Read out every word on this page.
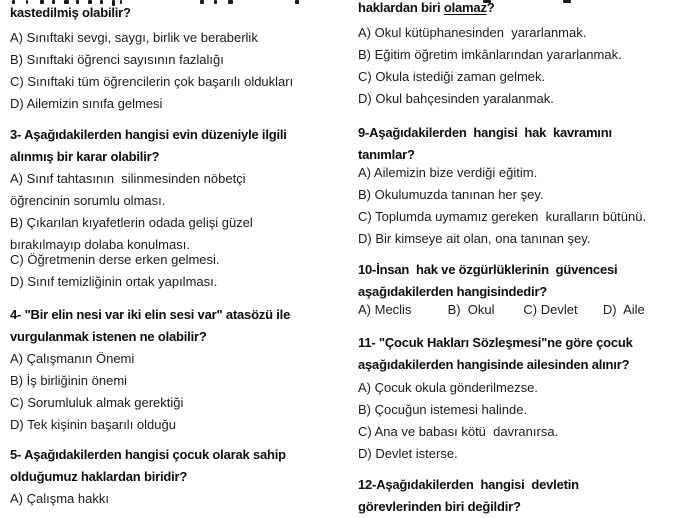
kastedilmiş olabilir?
A) Sınıftaki sevgi, saygı, birlik ve beraberlik
B) Sınıftaki öğrenci sayısının fazlalığı
C) Sınıftaki tüm öğrencilerin çok başarılı oldukları
D) Ailemizin sınıfa gelmesi
3- Aşağıdakilerden hangisi evin düzeniyle ilgili
alınmış bir karar olabilir?
A) Sınıf tahtasının  silinmesinden nöbetçi
öğrencinin sorumlu olması.
B) Çıkarılan kıyafetlerin odada gelişi güzel
bırakılmayıp dolaba konulması.
C) Öğretmenin derse erken gelmesi.
D) Sınıf temizliğinin ortak yapılması.
4- "Bir elin nesi var iki elin sesi var" atasözü ile
vurgulanmak istenen ne olabilir?
A) Çalışmanın Önemi
B) İş birliğinin önemi
C) Sorumluluk almak gerektiği
D) Tek kişinin başarılı olduğu
5- Aşağıdakilerden hangisi çocuk olarak sahip
olduğumuz haklardan biridir?
A) Çalışma hakkı
haklardan biri olamaz?
A) Okul kütüphanesinden  yararlanmak.
B) Eğitim öğretim imkânlarından yararlanmak.
C) Okula istediği zaman gelmek.
D) Okul bahçesinden yaralanmak.
9-Aşağıdakilerden  hangisi  hak  kavramını
tanımlar?
A) Ailemizin bize verdiği eğitim.
B) Okulumuzda tanınan her şey.
C) Toplumda uymamız gereken  kuralların bütünü.
D) Bir kimseye ait olan, ona tanınan şey.
10-İnsan  hak ve özgürlüklerinin  güvencesi
aşağıdakilerden hangisindedir?
A) Meclis          B)  Okul        C) Devlet       D)  Aile
11- "Çocuk Hakları Sözleşmesi"ne göre çocuk
aşağıdakilerden hangisinde ailesinden alınır?
A) Çocuk okula gönderilmezse.
B) Çocuğun istemesi halinde.
C) Ana ve babası kötü  davranırsa.
D) Devlet isterse.
12-Aşağıdakilerden  hangisi  devletin
görevlerinden biri değildir?
